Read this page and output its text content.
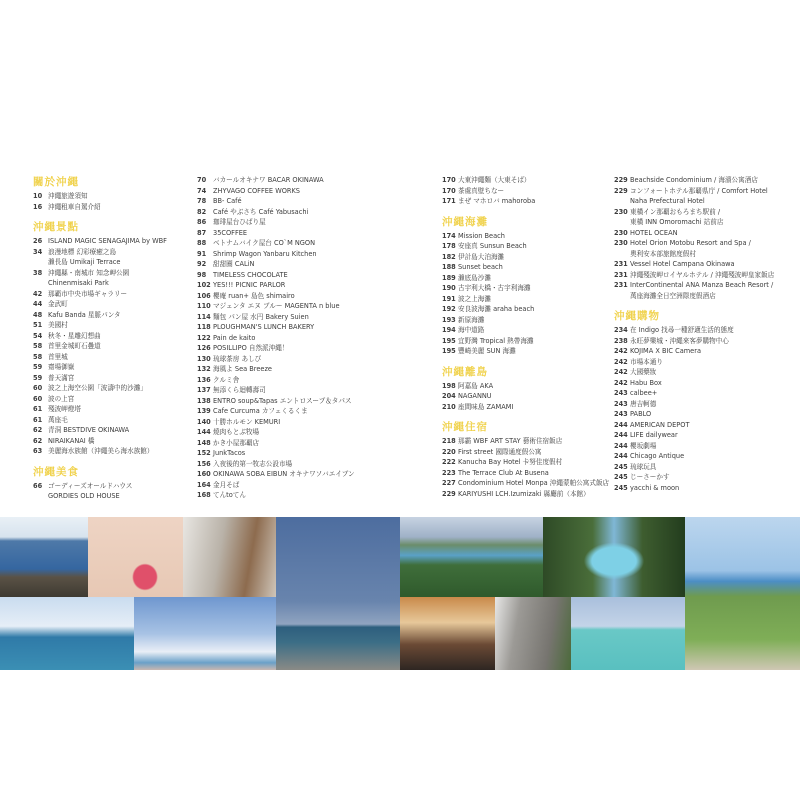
關於沖繩
10 沖繩旅遊須知
16 沖繩租車自駕介紹
沖繩景點
26 ISLAND MAGIC SENAGAJIMA by WBF
34 浪漫地標 幻彩療癒之島
瀨長島 Umikaji Terrace
38 沖繩縣・南城市 知念岬公園
Chinenmisaki Park
42 那覇市中央市場ギャラリー
44 金武町
48 Kafu Banda 星脈パンタ
51 美國村
54 秋冬・星雕幻想曲
58 首里金城町石疊道
58 首里城
59 齋場御嶽
59 普天滿宮
60 波之上海空公園「波濤中的沙灘」
60 波の上宮
61 殘波岬燈塔
61 萬座毛
62 青洞 BESTDIVE OKINAWA
62 NIRAIKANAI 橋
63 美麗海水族館（沖繩美ら海水族館）
沖繩美食
66 ゴーディーズオールドハウス
GORDIES OLD HOUSE
70	バカールオキナワ BACAR OKINAWA
74	ZHYVAGO COFFEE WORKS
78	BB- Café
82	Café やぶさち Café Yabusachi
86	珈琲屋台ひばり屋
87	35COFFEE
88	ベトナムバイク屋台 CO`M NGON
91	Shrimp Wagon Yanbaru Kitchen
92	甜甜圈 CALiN
98	TIMELESS CHOCOLATE
102 YES!!! PICNIC PARLOR
106 櫻庵 ruan+ 島色 shimairo
110 マジェンタ エヌ ブルー MAGENTA n blue
114 麵包 パン屋 水円 Bakery Suien
118 PLOUGHMAN'S LUNCH BAKERY
122 Pain de kaito
126 POSILLIPO 自然派沖繩！
130 琉球茶房 あしび
132 海風よ Sea Breeze
136 クルミ舎
137 無添くら迴轉壽司
138 ENTRO soup&Tapas エントロスープ＆タパス
139 Cafe Curcuma カフェくるくま
140 十勝ホルモン KEMURI
144 燒肉もとぶ牧場
148 かき小屋那覇店
152 JunkTacos
156 入夜後的第一牧志公設市場
160 OKINAWA SOBA EIBUN オキナワソバエイブン
164 金月そば
168 てんtoてん
170 大東沖繩麵（大東そば）
170 茶處真壁ちなー
171 まぜ マホロバ mahoroba
沖繩海灘
174 Mission Beach
178 安座真 Sunsun Beach
182 伊計島大泊海灘
188 Sunset beach
189 瀨底島沙灘
190 古宇利大橋・古宇利海灘
191 波之上海灘
192 安良波海灘 araha beach
193 新原海灘
194 海中道路
195 宜野灣 Tropical 熱帶海灘
195 豐崎美麗 SUN 海灘
沖繩離島
198 阿嘉島 AKA
204 NAGANNU
210 座間味島 ZAMAMI
沖繩住宿
218 那霸 WBF ART STAY 藝術住宿飯店
220 First street 國際通度假公寓
222 Kanucha Bay Hotel 卡努佳度假村
223 The Terrace Club At Busena
227 Condominium Hotel Monpa 沖繩蒙帕公寓式飯店
229 KARIYUSHI LCH.Izumizaki 縣廳前（本館）
229 Beachside Condominium / 海濱公寓酒店
229 コンフォートホテル那覇県庁 / Comfort Hotel
Naha Prefectural Hotel
230 東橫イン那覇おもろまち駅前 /
東橫 INN Omoromachi 站前店
230 HOTEL OCEAN
230 Hotel Orion Motobu Resort and Spa /
奧利安本部旅館度假村
231 Vessel Hotel Campana Okinawa
231 沖繩殘波岬ロイヤルホテル / 沖繩殘波岬皇家飯店
231 InterContinental ANA Manza Beach Resort /
萬座海灘全日空洲際度假酒店
沖繩購物
234 在 Indigo 找尋一種舒適生活的態度
238 永旺夢樂城・沖繩來客夢購物中心
242 KOJIMA X BIC Camera
242 市場本通り
242 大國藥妝
242 Habu Box
243 calbee+
243 唐吉軻德
243 PABLO
244 AMERICAN DEPOT
244 LIFE dailywear
244 櫻坂劇場
244 Chicago Antique
245 琉球玩具
245 じーさーかす
245 yacchi & moon
